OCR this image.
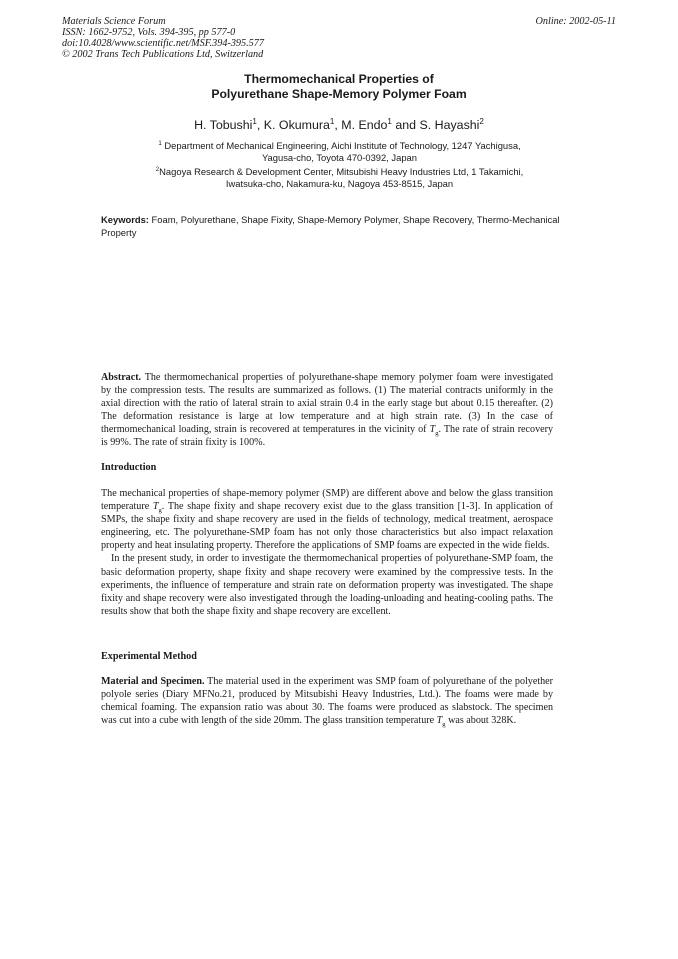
Materials Science Forum
ISSN: 1662-9752, Vols. 394-395, pp 577-0
doi:10.4028/www.scientific.net/MSF.394-395.577
© 2002 Trans Tech Publications Ltd, Switzerland
Online: 2002-05-11
Thermomechanical Properties of
Polyurethane Shape-Memory Polymer Foam
H. Tobushi$^1$, K. Okumura$^1$, M. Endo$^1$ and S. Hayashi$^2$
$^1$ Department of Mechanical Engineering, Aichi Institute of Technology, 1247 Yachigusa,
Yagusa-cho, Toyota 470-0392, Japan
$^2$Nagoya Research & Development Center, Mitsubishi Heavy Industries Ltd, 1 Takamichi,
Iwatsuka-cho, Nakamura-ku, Nagoya 453-8515, Japan
Keywords: Foam, Polyurethane, Shape Fixity, Shape-Memory Polymer, Shape Recovery, Thermo-Mechanical Property

Abstract. The thermomechanical properties of polyurethane-shape memory polymer foam were investigated by the compression tests. The results are summarized as follows. (1) The material contracts uniformly in the axial direction with the ratio of lateral strain to axial strain 0.4 in the early stage but about 0.15 thereafter. (2) The deformation resistance is large at low temperature and at high strain rate. (3) In the case of thermomechanical loading, strain is recovered at temperatures in the vicinity of $T_g$. The rate of strain recovery is 99%. The rate of strain fixity is 100%.

Introduction

The mechanical properties of shape-memory polymer (SMP) are different above and below the glass transition temperature $T_g$. The shape fixity and shape recovery exist due to the glass transition [1-3]. In application of SMPs, the shape fixity and shape recovery are used in the fields of technology, medical treatment, aerospace engineering, etc. The polyurethane-SMP foam has not only those characteristics but also impact relaxation property and heat insulating property. Therefore the applications of SMP foams are expected in the wide fields.

In the present study, in order to investigate the thermomechanical properties of polyurethane-SMP foam, the basic deformation property, shape fixity and shape recovery were examined by the compressive tests. In the experiments, the influence of temperature and strain rate on deformation property was investigated. The shape fixity and shape recovery were also investigated through the loading-unloading and heating-cooling paths. The results show that both the shape fixity and shape recovery are excellent.

Experimental Method

Material and Specimen. The material used in the experiment was SMP foam of polyurethane of the polyether polyole series (Diary MFNo.21, produced by Mitsubishi Heavy Industries, Ltd.). The foams were made by chemical foaming. The expansion ratio was about 30. The foams were produced as slabstock. The specimen was cut into a cube with length of the side 20mm. The glass transition temperature $T_g$ was about 328K.
